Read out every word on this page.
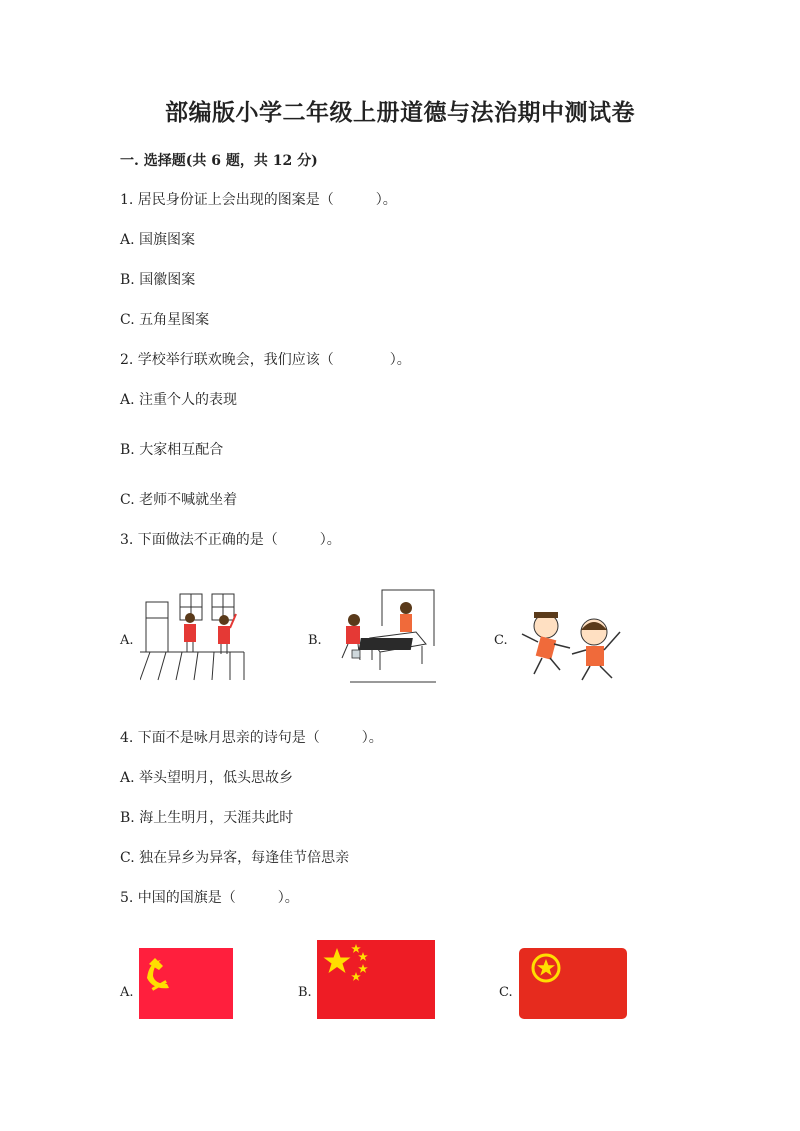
部编版小学二年级上册道德与法治期中测试卷
一. 选择题(共 6 题，共 12 分)
1. 居民身份证上会出现的图案是（　　　）。
A. 国旗图案
B. 国徽图案
C. 五角星图案
2. 学校举行联欢晚会，我们应该（　　　　）。
A. 注重个人的表现
B. 大家相互配合
C. 老师不喊就坐着
3. 下面做法不正确的是（　　　）。
A.	B.	C.
4. 下面不是咏月思亲的诗句是（　　　）。
A. 举头望明月，低头思故乡
B. 海上生明月，天涯共此时
C. 独在异乡为异客，每逢佳节倍思亲
5. 中国的国旗是（　　　）。
A.	B.	C.
